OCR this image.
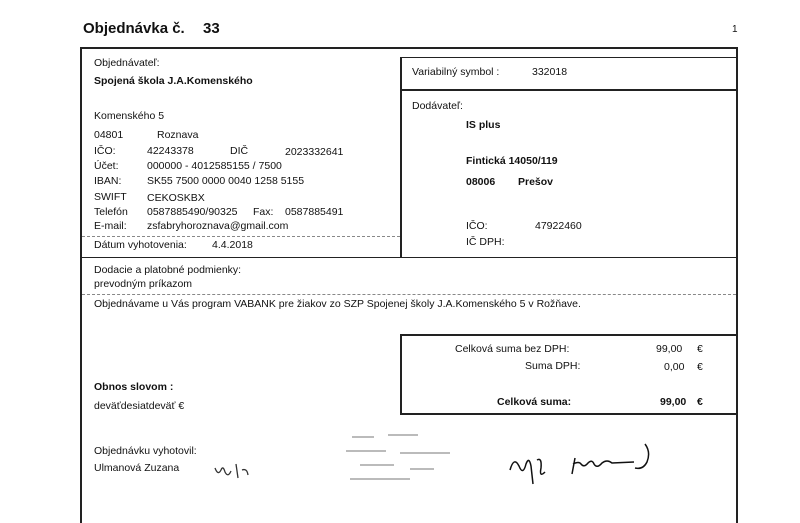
Objednávka č. 33	1
Objednávateľ:
Spojená škola J.A.Komenského
Komenského 5
04801	Roznava
IČO:	42243378	DIČ	2023332641
Účet:	000000 - 4012585155 / 7500
IBAN: SK55 7500 0000 0040 1258 5155
SWIFT CEKOSKBX
Telefón 0587885490/90325 Fax: 0587885491
E-mail: zsfabryhoroznava@gmail.com
Dátum vyhotovenia: 4.4.2018
Variabilný symbol :	332018
Dodávateľ:
IS plus
Fintická 14050/119
08006 Prešov
IČO:	47922460
IČ DPH:
Dodacie a platobné podmienky:
prevodným príkazom
Objednávame u Vás program VABANK pre žiakov zo SZP Spojenej školy J.A.Komenského 5 v Rožňave.
Celková suma bez DPH:	99,00 €
Suma DPH:	0,00 €
Celková suma:	99,00 €
Obnos slovom :
deväťdesiatdeväť €
Objednávku vyhotovil:
Ulmanová Zuzana
